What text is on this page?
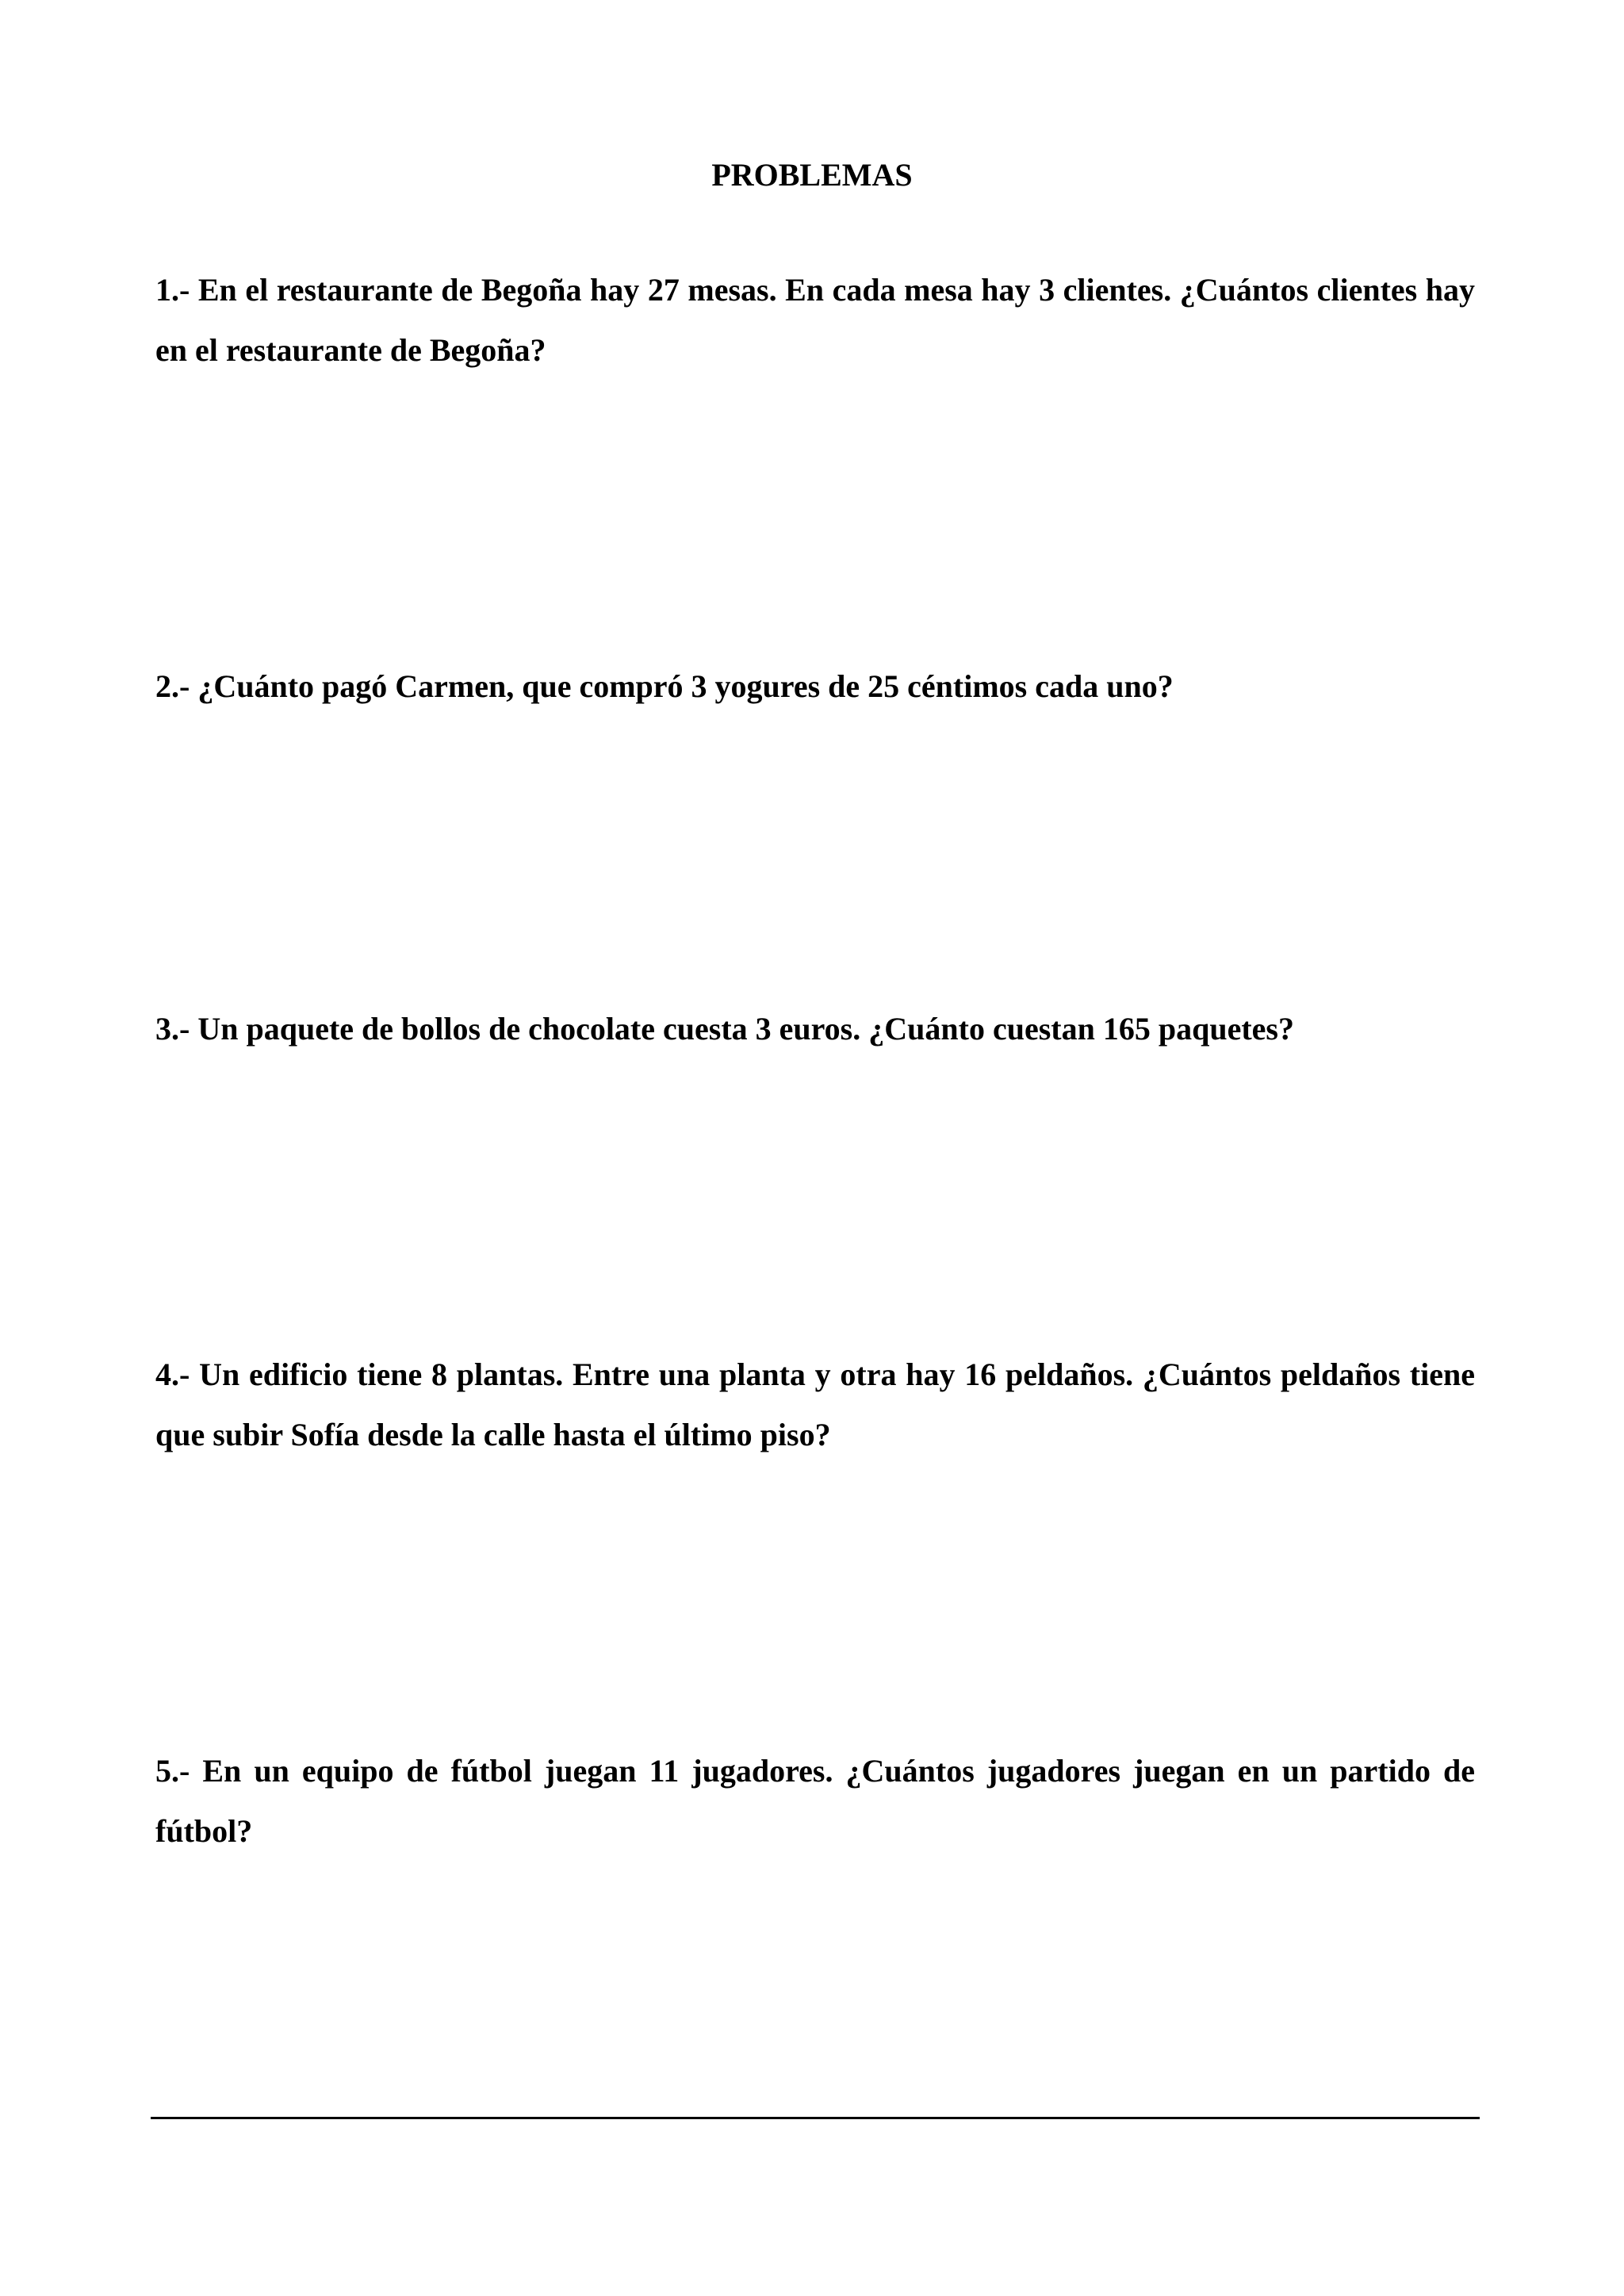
PROBLEMAS

1.- En el restaurante de Begoña hay 27 mesas. En cada mesa hay 3 clientes. ¿Cuántos clientes hay en el restaurante de Begoña?

2.- ¿Cuánto pagó Carmen, que compró 3 yogures de 25 céntimos cada uno?

3.- Un paquete de bollos de chocolate cuesta 3 euros. ¿Cuánto cuestan 165 paquetes?

4.- Un edificio tiene 8 plantas. Entre una planta y otra hay 16 peldaños. ¿Cuántos peldaños tiene que subir Sofía desde la calle hasta el último piso?

5.- En un equipo de fútbol juegan 11 jugadores. ¿Cuántos jugadores juegan en un partido de fútbol?
